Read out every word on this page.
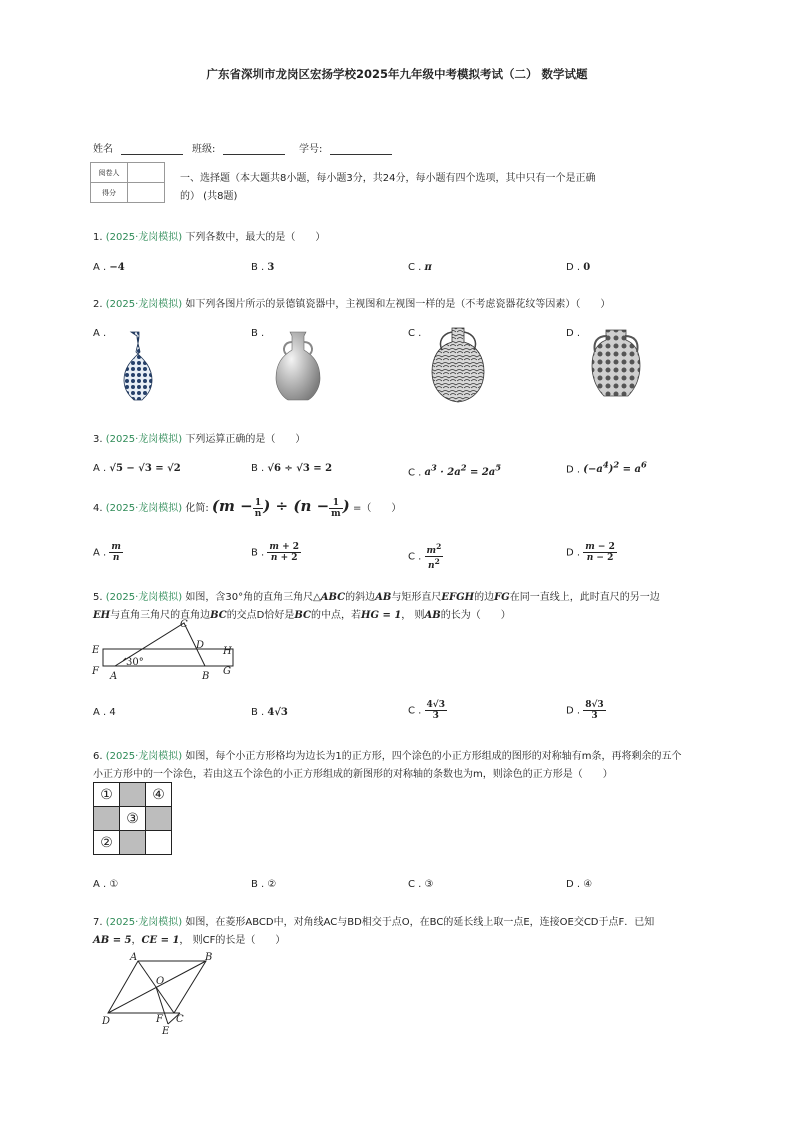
广东省深圳市龙岗区宏扬学校2025年九年级中考模拟考试（二） 数学试题
姓名	班级:	学号:
阅卷人	
得分	
一、选择题（本大题共8小题，每小题3分，共24分，每小题有四个选项，其中只有一个是正确
的） (共8题)
1. (2025·龙岗模拟) 下列各数中，最大的是（　　）
A . −4	B . 3	C . π	D . 0
2. (2025·龙岗模拟) 如下列各图片所示的景德镇瓷器中，主视图和左视图一样的是（不考虑瓷器花纹等因素）（　　）
A .	B .	C .	D .
3. (2025·龙岗模拟) 下列运算正确的是（　　）
A . √5 − √3 = √2	B . √6 ÷ √3 = 2	C . $a^3 \cdot 2a^2 = 2a^5$	D . $(-a^4)^2 = a^6$
4. (2025·龙岗模拟) 化简: ($m - \frac{1}{n}$ ) ÷ ($n - \frac{1}{m}$ ) =（　　）
A . $\frac{m}{n}$	B . $\frac{m + 2}{n + 2}$	C . $\frac{m^2}{n^2}$	D . $\frac{m - 2}{n - 2}$
5. (2025·龙岗模拟) 如图，含30°角的直角三角尺△ABC的斜边AB与矩形直尺EFGH的边FG在同一直线上，此时直尺的另一边
EH与直角三角尺的直角边BC的交点D恰好是BC的中点，若HG = 1， 则AB的长为（　　）
E
F A	B
C
D
H
G
30°
A . 4	B . 4√3	C . $\frac{4√3}{3}$	D . $\frac{8√3}{3}$
6. (2025·龙岗模拟) 如图，每个小正方形格均为边长为1的正方形，四个涂色的小正方形组成的图形的对称轴有m条，再将剩余的五个
小正方形中的一个涂色，若由这五个涂色的小正方形组成的新图形的对称轴的条数也为m，则涂色的正方形是（　　）
①		④
	③	
②		
A . ①	B . ②	C . ③	D . ④
7. (2025·龙岗模拟) 如图，在菱形ABCD中，对角线AC与BD相交于点O，在BC的延长线上取一点E，连接OE交CD于点F．已知
AB = 5，CE = 1， 则CF的长是（　　）
A	B
C
D
O
F
E
